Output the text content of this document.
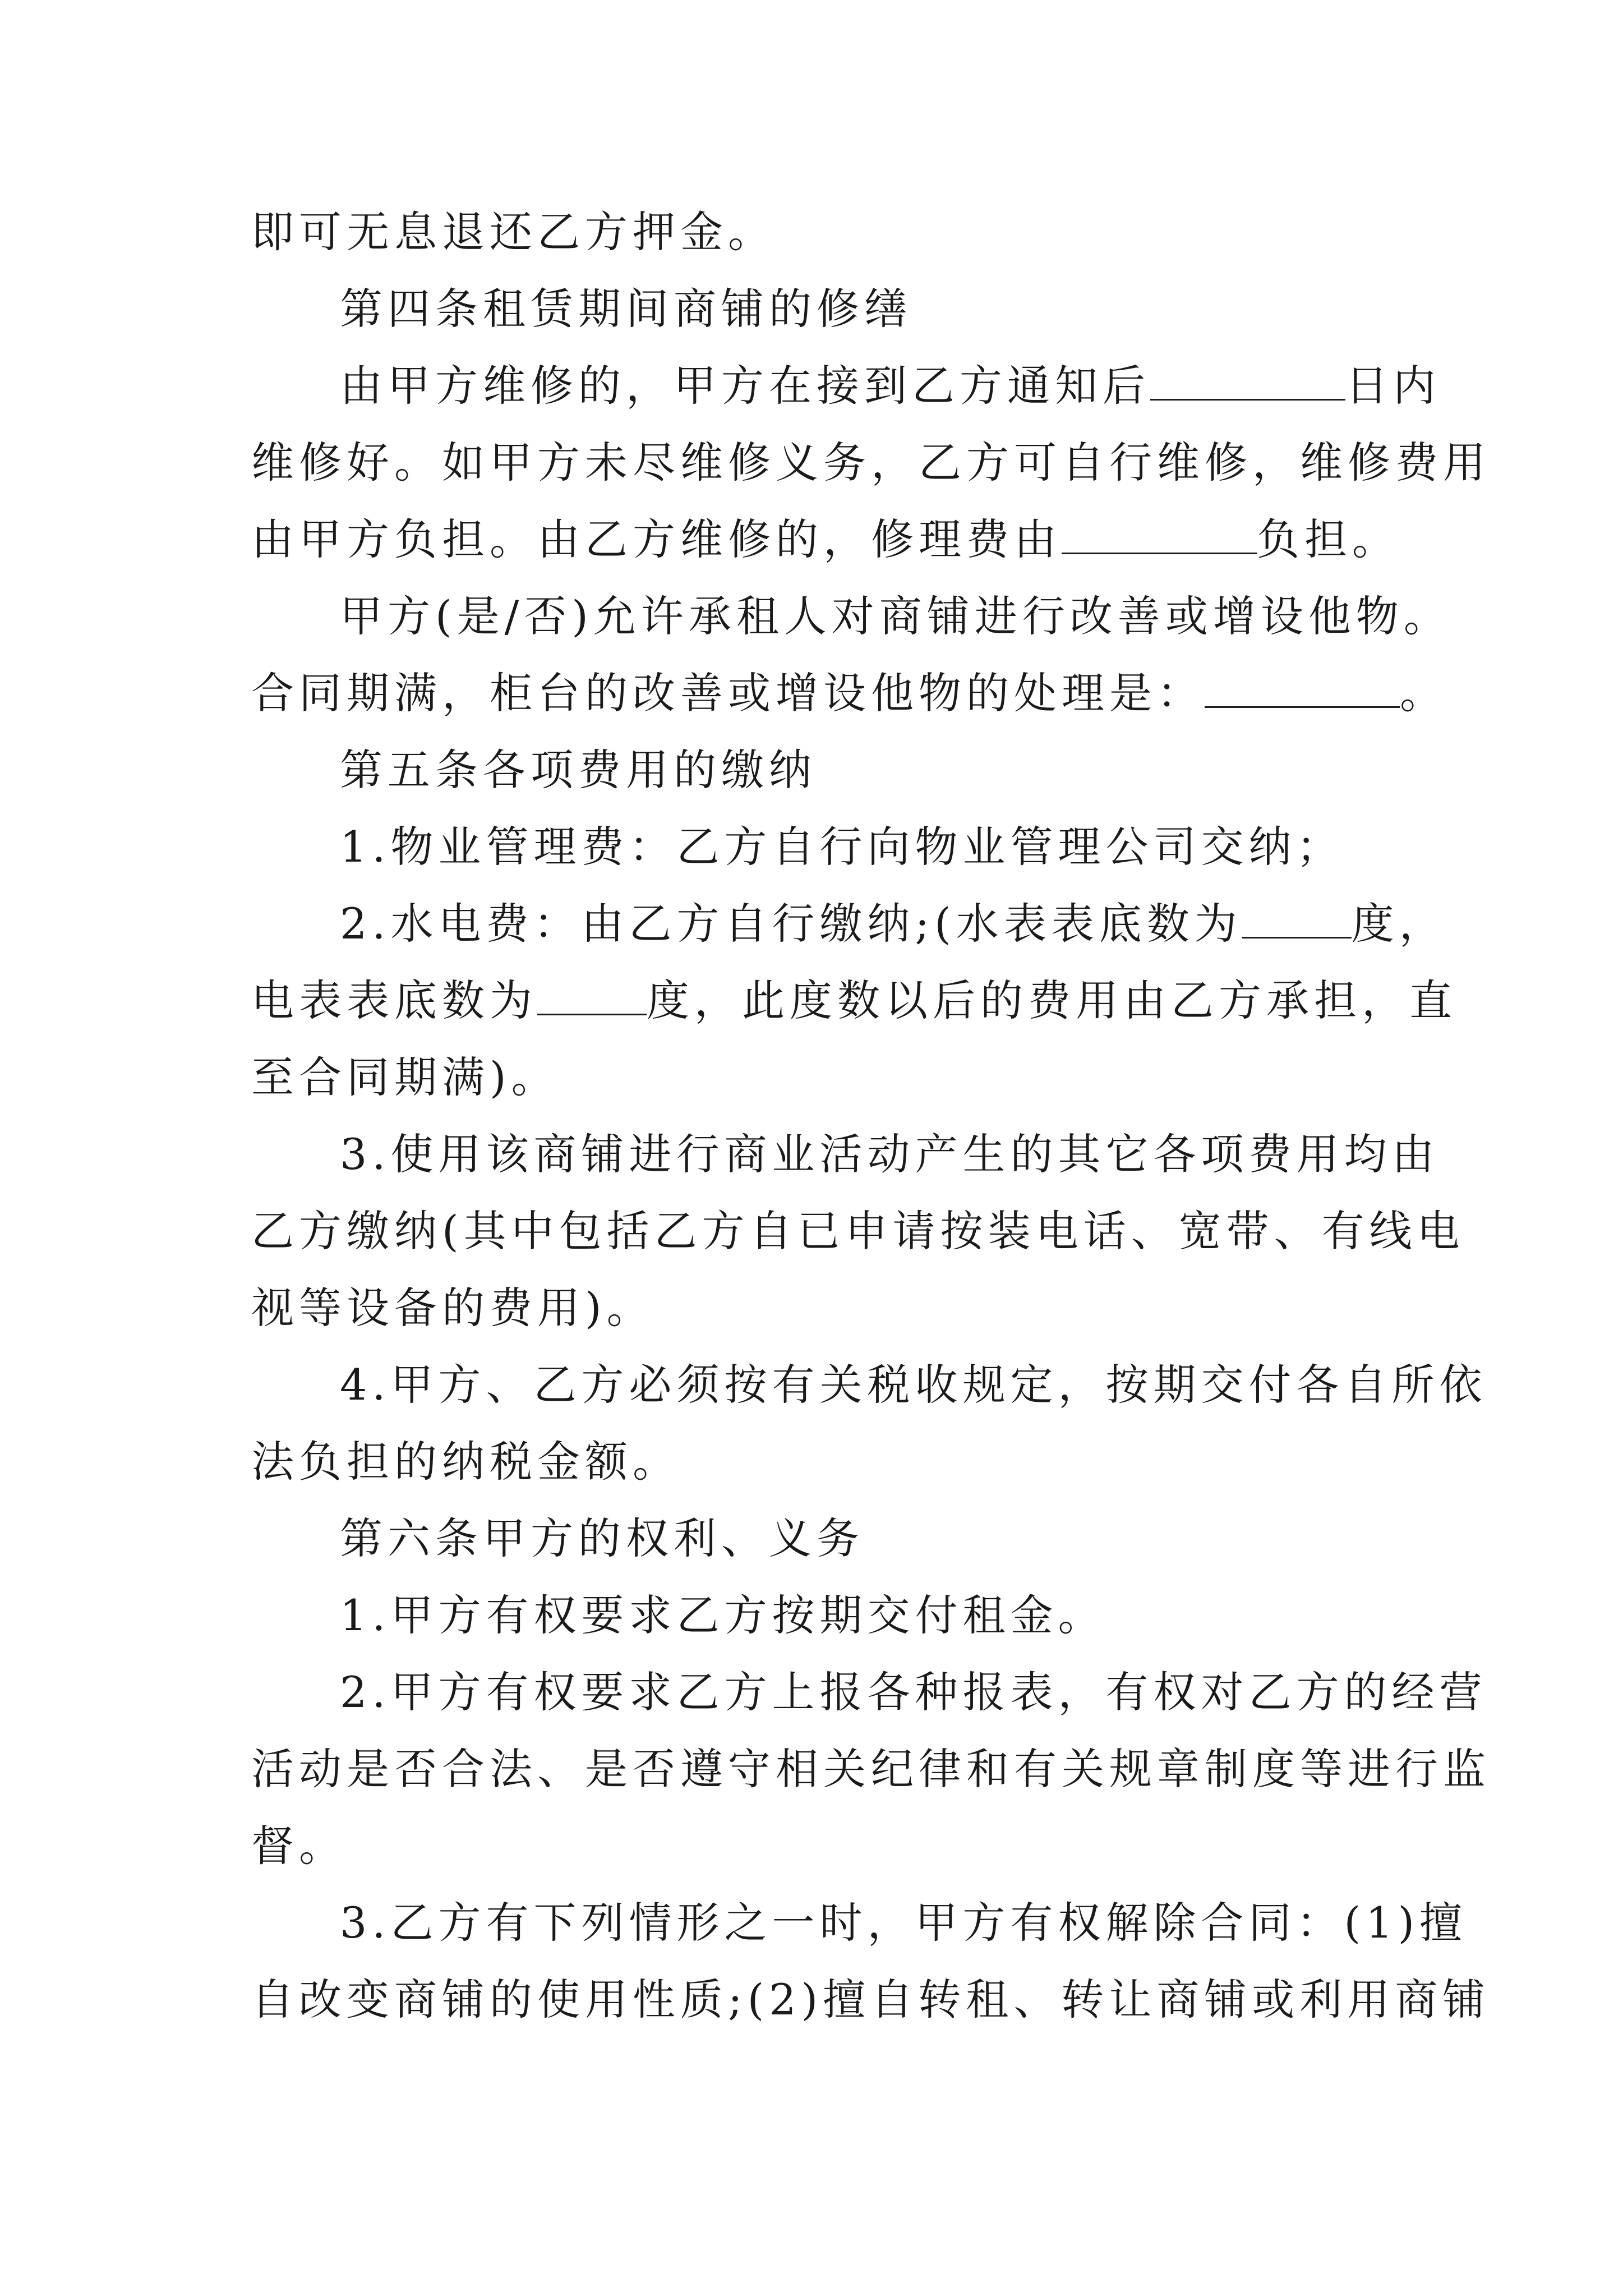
即可无息退还乙方押金。
第四条租赁期间商铺的修缮
由甲方维修的，甲方在接到乙方通知后	日内
维修好。如甲方未尽维修义务，乙方可自行维修，维修费用
由甲方负担。由乙方维修的，修理费由	负担。
甲方(是/否)允许承租人对商铺进行改善或增设他物。
合同期满，柜台的改善或增设他物的处理是：	。
第五条各项费用的缴纳
1.物业管理费：乙方自行向物业管理公司交纳；
2.水电费：由乙方自行缴纳;(水表表底数为	度，
电表表底数为	度，此度数以后的费用由乙方承担，直
至合同期满)。
3.使用该商铺进行商业活动产生的其它各项费用均由
乙方缴纳(其中包括乙方自已申请按装电话、宽带、有线电
视等设备的费用)。
4.甲方、乙方必须按有关税收规定，按期交付各自所依
法负担的纳税金额。
第六条甲方的权利、义务
1.甲方有权要求乙方按期交付租金。
2.甲方有权要求乙方上报各种报表，有权对乙方的经营
活动是否合法、是否遵守相关纪律和有关规章制度等进行监
督。
3.乙方有下列情形之一时，甲方有权解除合同：(1)擅
自改变商铺的使用性质;(2)擅自转租、转让商铺或利用商铺
